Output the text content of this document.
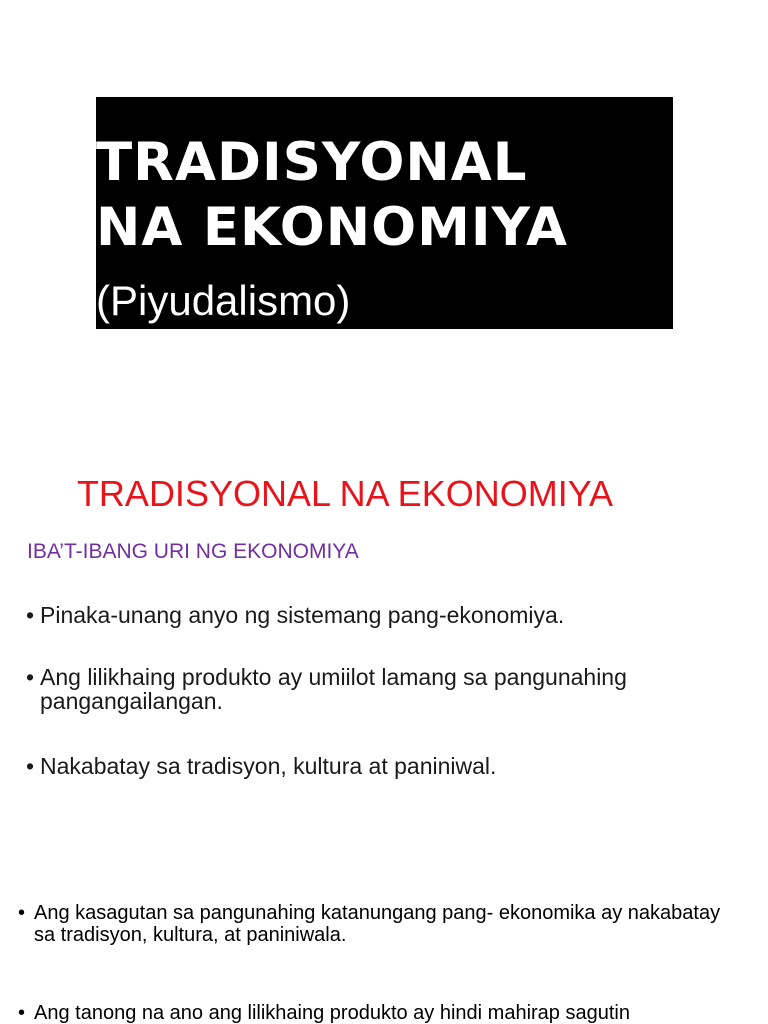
TRADISYONAL
NA EKONOMIYA
(Piyudalismo)
TRADISYONAL NA EKONOMIYA
IBA’T-IBANG URI NG EKONOMIYA
• Pinaka-unang anyo ng sistemang pang-ekonomiya.
• Ang lilikhaing produkto ay umiilot lamang sa pangunahing pangangailangan.
• Nakabatay sa tradisyon, kultura at paniniwal.
• Ang kasagutan sa pangunahing katanungang pang- ekonomika ay nakabatay sa tradisyon, kultura, at paniniwala.
• Ang tanong na ano ang lilikhaing produkto ay hindi mahirap sagutin
